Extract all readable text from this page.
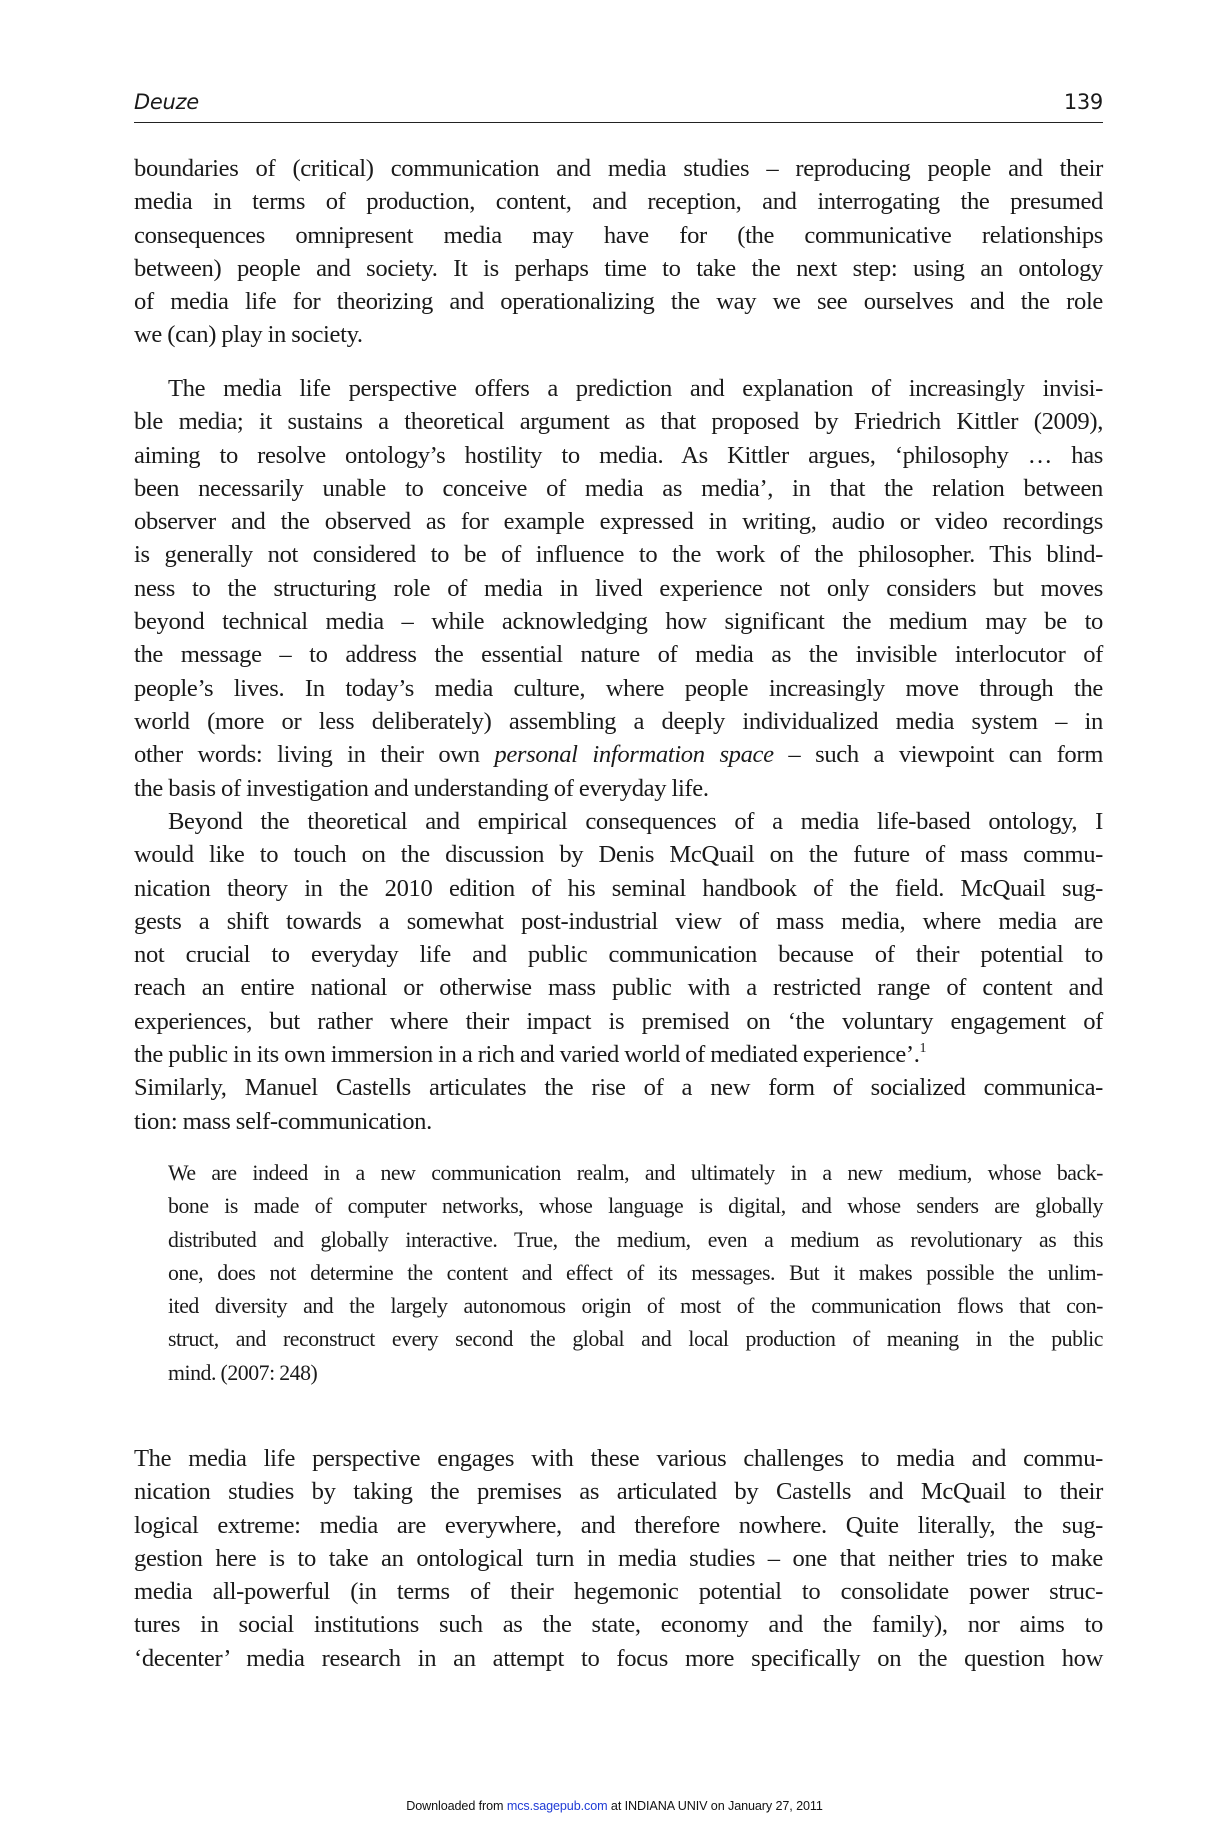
Deuze	139
boundaries of (critical) communication and media studies – reproducing people and their
media in terms of production, content, and reception, and interrogating the presumed
consequences omnipresent media may have for (the communicative relationships
between) people and society. It is perhaps time to take the next step: using an ontology
of media life for theorizing and operationalizing the way we see ourselves and the role
we (can) play in society.
The media life perspective offers a prediction and explanation of increasingly invisi-
ble media; it sustains a theoretical argument as that proposed by Friedrich Kittler (2009),
aiming to resolve ontology’s hostility to media. As Kittler argues, ‘philosophy … has
been necessarily unable to conceive of media as media’, in that the relation between
observer and the observed as for example expressed in writing, audio or video recordings
is generally not considered to be of influence to the work of the philosopher. This blind-
ness to the structuring role of media in lived experience not only considers but moves
beyond technical media – while acknowledging how significant the medium may be to
the message – to address the essential nature of media as the invisible interlocutor of
people’s lives. In today’s media culture, where people increasingly move through the
world (more or less deliberately) assembling a deeply individualized media system – in
other words: living in their own personal information space – such a viewpoint can form
the basis of investigation and understanding of everyday life.
Beyond the theoretical and empirical consequences of a media life-based ontology, I
would like to touch on the discussion by Denis McQuail on the future of mass commu-
nication theory in the 2010 edition of his seminal handbook of the field. McQuail sug-
gests a shift towards a somewhat post-industrial view of mass media, where media are
not crucial to everyday life and public communication because of their potential to
reach an entire national or otherwise mass public with a restricted range of content and
experiences, but rather where their impact is premised on ‘the voluntary engagement of
the public in its own immersion in a rich and varied world of mediated experience’.$^1$
Similarly, Manuel Castells articulates the rise of a new form of socialized communica-
tion: mass self-communication.
We are indeed in a new communication realm, and ultimately in a new medium, whose back-
bone is made of computer networks, whose language is digital, and whose senders are globally
distributed and globally interactive. True, the medium, even a medium as revolutionary as this
one, does not determine the content and effect of its messages. But it makes possible the unlim-
ited diversity and the largely autonomous origin of most of the communication flows that con-
struct, and reconstruct every second the global and local production of meaning in the public
mind. (2007: 248)
The media life perspective engages with these various challenges to media and commu-
nication studies by taking the premises as articulated by Castells and McQuail to their
logical extreme: media are everywhere, and therefore nowhere. Quite literally, the sug-
gestion here is to take an ontological turn in media studies – one that neither tries to make
media all-powerful (in terms of their hegemonic potential to consolidate power struc-
tures in social institutions such as the state, economy and the family), nor aims to
‘decenter’ media research in an attempt to focus more specifically on the question how
Downloaded from mcs.sagepub.com at INDIANA UNIV on January 27, 2011
